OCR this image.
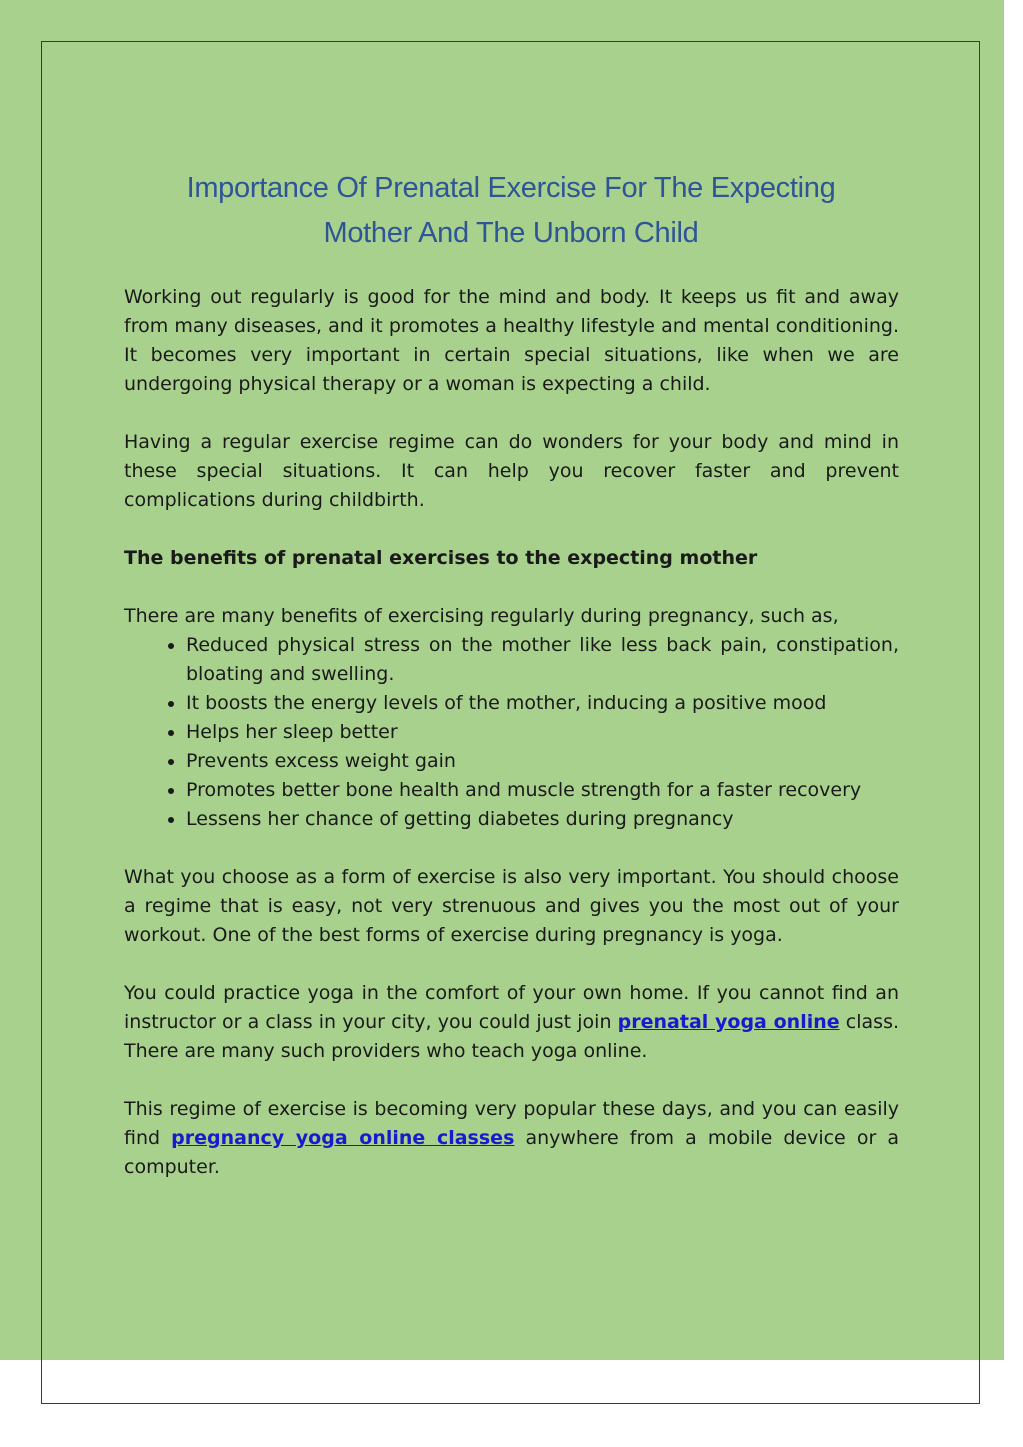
Importance Of Prenatal Exercise For The Expecting
Mother And The Unborn Child

Working out regularly is good for the mind and body. It keeps us fit and away from many diseases, and it promotes a healthy lifestyle and mental conditioning. It becomes very important in certain special situations, like when we are undergoing physical therapy or a woman is expecting a child.

Having a regular exercise regime can do wonders for your body and mind in these special situations. It can help you recover faster and prevent complications during childbirth.

The benefits of prenatal exercises to the expecting mother

There are many benefits of exercising regularly during pregnancy, such as,

• Reduced physical stress on the mother like less back pain, constipation, bloating and swelling.
• It boosts the energy levels of the mother, inducing a positive mood
• Helps her sleep better
• Prevents excess weight gain
• Promotes better bone health and muscle strength for a faster recovery
• Lessens her chance of getting diabetes during pregnancy

What you choose as a form of exercise is also very important. You should choose a regime that is easy, not very strenuous and gives you the most out of your workout. One of the best forms of exercise during pregnancy is yoga.

You could practice yoga in the comfort of your own home. If you cannot find an instructor or a class in your city, you could just join prenatal yoga online class. There are many such providers who teach yoga online.

This regime of exercise is becoming very popular these days, and you can easily find pregnancy yoga online classes anywhere from a mobile device or a computer.
